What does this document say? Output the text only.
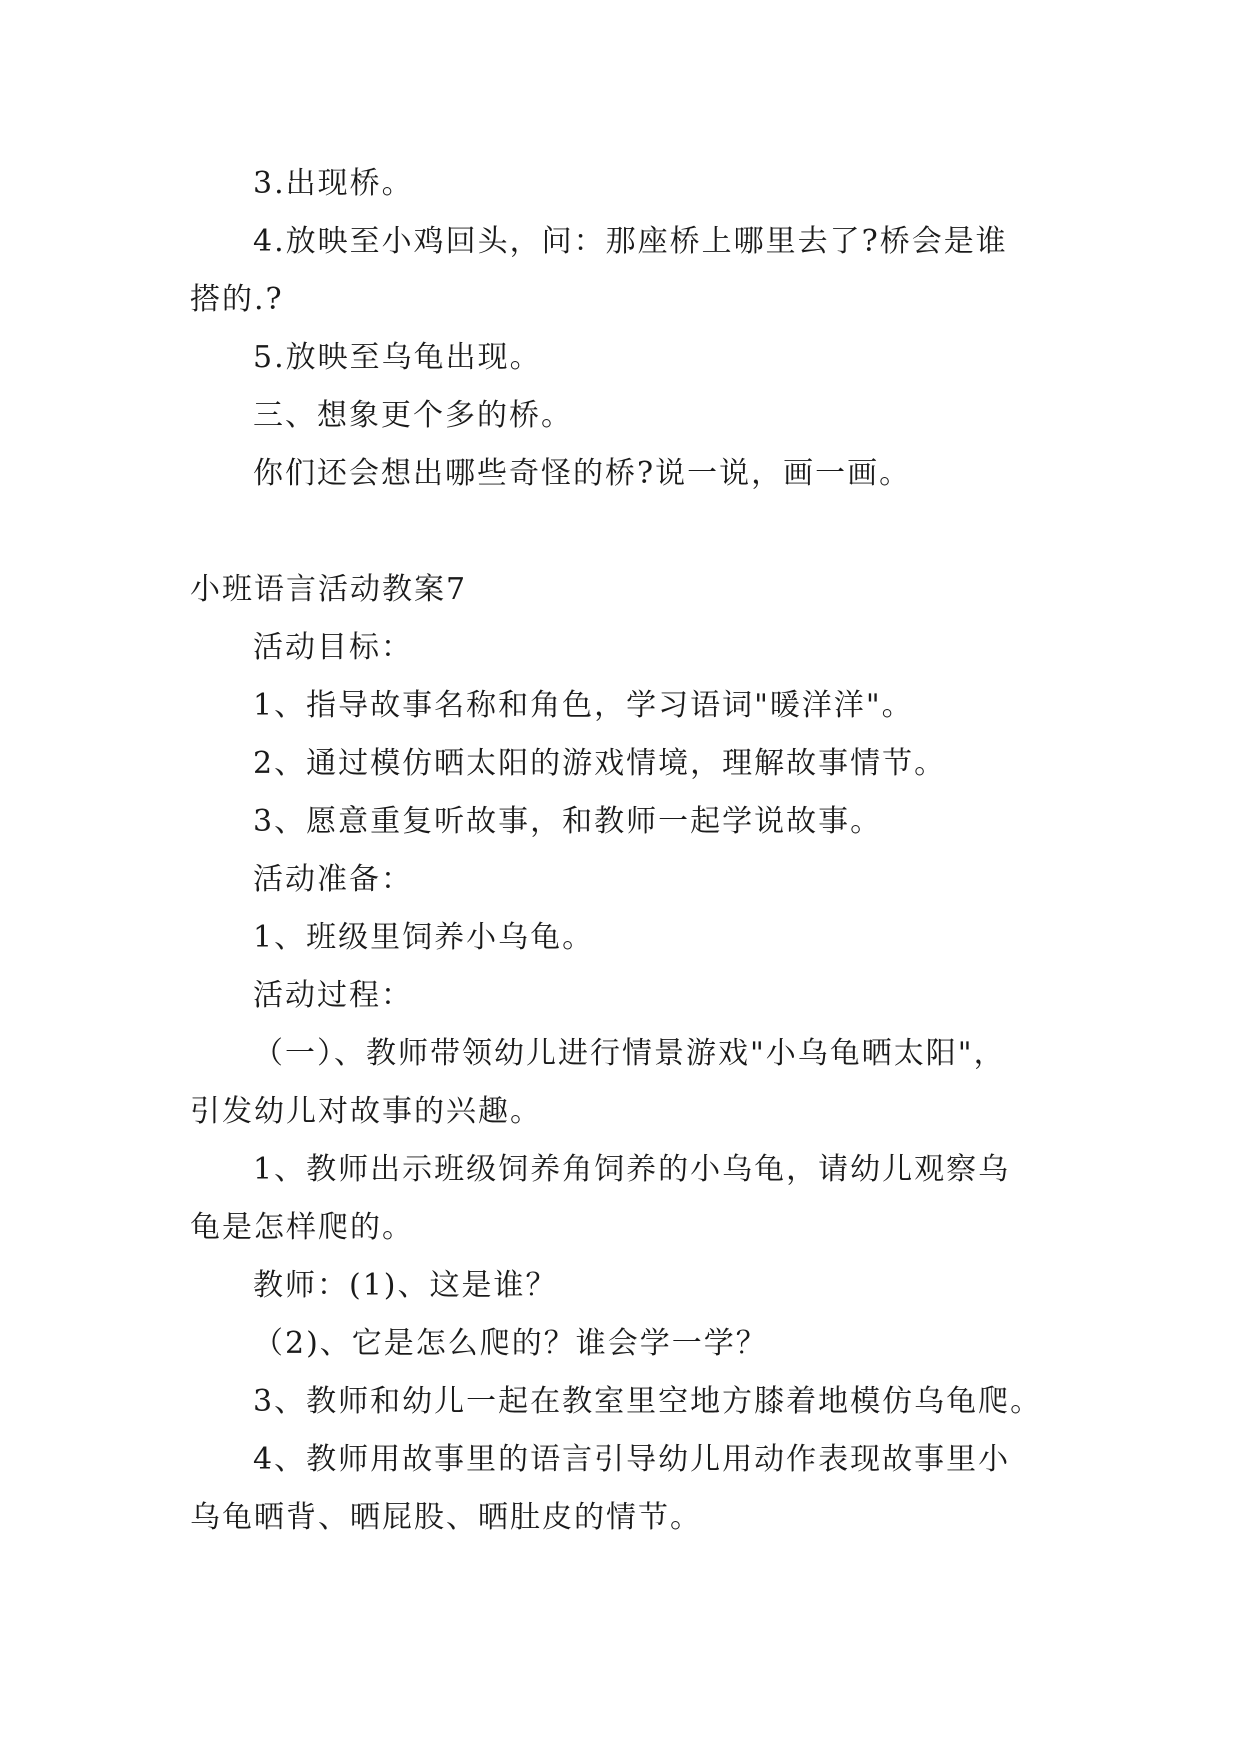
3.出现桥。
4.放映至小鸡回头，问：那座桥上哪里去了?桥会是谁
搭的.?
5.放映至乌龟出现。
三、想象更个多的桥。
你们还会想出哪些奇怪的桥?说一说，画一画。
小班语言活动教案7
活动目标：
1、指导故事名称和角色，学习语词"暖洋洋"。
2、通过模仿晒太阳的游戏情境，理解故事情节。
3、愿意重复听故事，和教师一起学说故事。
活动准备：
1、班级里饲养小乌龟。
活动过程：
（一）、教师带领幼儿进行情景游戏"小乌龟晒太阳"，
引发幼儿对故事的兴趣。
1、教师出示班级饲养角饲养的小乌龟，请幼儿观察乌
龟是怎样爬的。
教师：(1)、这是谁？
（2)、它是怎么爬的？谁会学一学？
3、教师和幼儿一起在教室里空地方膝着地模仿乌龟爬。
4、教师用故事里的语言引导幼儿用动作表现故事里小
乌龟晒背、晒屁股、晒肚皮的情节。
